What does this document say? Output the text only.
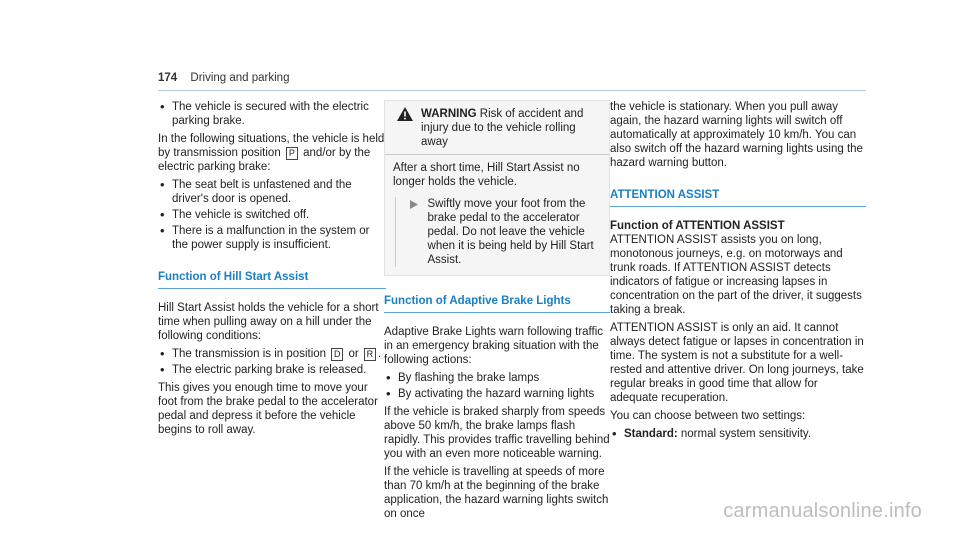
174 Driving and parking
• The vehicle is secured with the electric parking brake.

In the following situations, the vehicle is held by transmission position P and/or by the electric parking brake:

• The seat belt is unfastened and the driver's door is opened.
• The vehicle is switched off.
• There is a malfunction in the system or the power supply is insufficient.
Function of Hill Start Assist

Hill Start Assist holds the vehicle for a short time when pulling away on a hill under the following conditions:

• The transmission is in position D or R .
• The electric parking brake is released.

This gives you enough time to move your foot from the brake pedal to the accelerator pedal and depress it before the vehicle begins to roll away.

WARNING Risk of accident and injury due to the vehicle rolling away

After a short time, Hill Start Assist no longer holds the vehicle.

Swiftly move your foot from the brake pedal to the accelerator pedal. Do not leave the vehicle when it is being held by Hill Start Assist.
Function of Adaptive Brake Lights

Adaptive Brake Lights warn following traffic in an emergency braking situation with the following actions:

• By flashing the brake lamps
• By activating the hazard warning lights

If the vehicle is braked sharply from speeds above 50 km/h, the brake lamps flash rapidly. This provides traffic travelling behind you with an even more noticeable warning.

If the vehicle is travelling at speeds of more than 70 km/h at the beginning of the brake application, the hazard warning lights switch on once

the vehicle is stationary. When you pull away again, the hazard warning lights will switch off automatically at approximately 10 km/h. You can also switch off the hazard warning lights using the hazard warning button.

ATTENTION ASSIST

Function of ATTENTION ASSIST

ATTENTION ASSIST assists you on long, monotonous journeys, e.g. on motorways and trunk roads. If ATTENTION ASSIST detects indicators of fatigue or increasing lapses in concentration on the part of the driver, it suggests taking a break.

ATTENTION ASSIST is only an aid. It cannot always detect fatigue or lapses in concentration in time. The system is not a substitute for a well-rested and attentive driver. On long journeys, take regular breaks in good time that allow for adequate recuperation.

You can choose between two settings:

• Standard: normal system sensitivity.
carmanualsonline.info
